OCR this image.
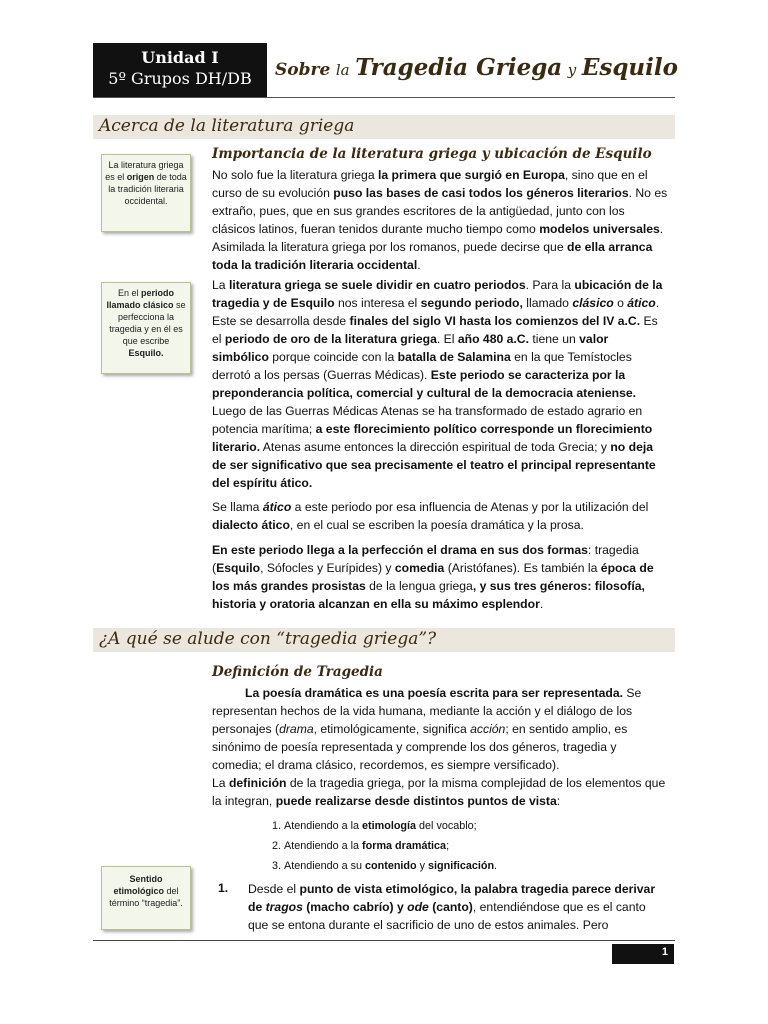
Unidad I
5º Grupos DH/DB	Sobre la Tragedia Griega y Esquilo
Acerca de la literatura griega
La literatura griega es el origen de toda la tradición literaria occidental.
Importancia de la literatura griega y ubicación de Esquilo

No solo fue la literatura griega la primera que surgió en Europa, sino que en el curso de su evolución puso las bases de casi todos los géneros literarios. No es extraño, pues, que en sus grandes escritores de la antigüedad, junto con los clásicos latinos, fueran tenidos durante mucho tiempo como modelos universales. Asimilada la literatura griega por los romanos, puede decirse que de ella arranca toda la tradición literaria occidental.

En el periodo llamado clásico se perfecciona la tragedia y en él es que escribe Esquilo.

La literatura griega se suele dividir en cuatro periodos. Para la ubicación de la tragedia y de Esquilo nos interesa el segundo periodo, llamado clásico o ático. Este se desarrolla desde finales del siglo VI hasta los comienzos del IV a.C. Es el periodo de oro de la literatura griega. El año 480 a.C. tiene un valor simbólico porque coincide con la batalla de Salamina en la que Temístocles derrotó a los persas (Guerras Médicas). Este periodo se caracteriza por la preponderancia política, comercial y cultural de la democracia ateniense. Luego de las Guerras Médicas Atenas se ha transformado de estado agrario en potencia marítima; a este florecimiento político corresponde un florecimiento literario. Atenas asume entonces la dirección espiritual de toda Grecia; y no deja de ser significativo que sea precisamente el teatro el principal representante del espíritu ático.

Se llama ático a este periodo por esa influencia de Atenas y por la utilización del dialecto ático, en el cual se escriben la poesía dramática y la prosa.

En este periodo llega a la perfección el drama en sus dos formas: tragedia (Esquilo, Sófocles y Eurípides) y comedia (Aristófanes). Es también la época de los más grandes prosistas de la lengua griega, y sus tres géneros: filosofía, historia y oratoria alcanzan en ella su máximo esplendor.

¿A qué se alude con “tragedia griega”?
Definición de Tragedia

La poesía dramática es una poesía escrita para ser representada. Se representan hechos de la vida humana, mediante la acción y el diálogo de los personajes (drama, etimológicamente, significa acción; en sentido amplio, es sinónimo de poesía representada y comprende los dos géneros, tragedia y comedia; el drama clásico, recordemos, es siempre versificado).

La definición de la tragedia griega, por la misma complejidad de los elementos que la integran, puede realizarse desde distintos puntos de vista:

1. Atendiendo a la etimología del vocablo;
2. Atendiendo a la forma dramática;
3. Atendiendo a su contenido y significación.
Sentido etimológico del término “tragedia”.
1. Desde el punto de vista etimológico, la palabra tragedia parece derivar de tragos (macho cabrío) y ode (canto), entendiéndose que es el canto que se entona durante el sacrificio de uno de estos animales. Pero

1
